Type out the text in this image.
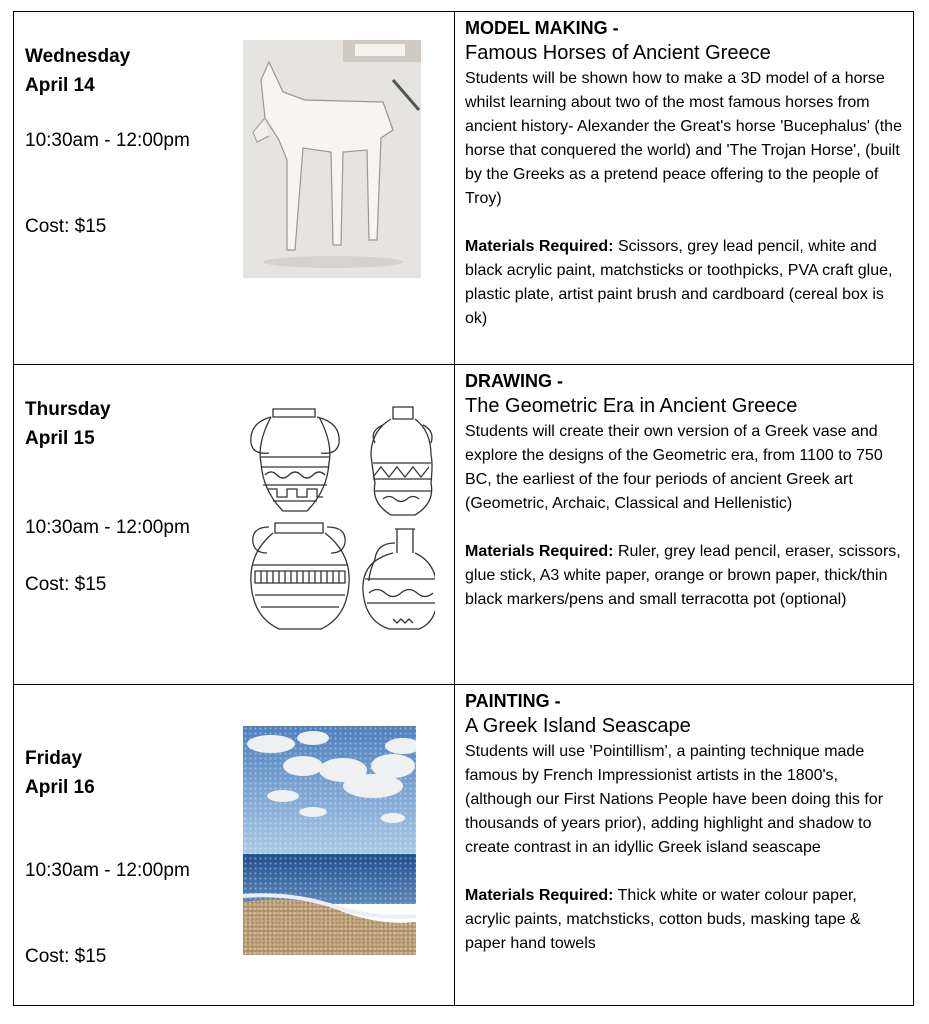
Wednesday
April 14
10:30am - 12:00pm
Cost: $15
MODEL MAKING -
Famous Horses of Ancient Greece
Students will be shown how to make a 3D model of a horse whilst learning about two of the most famous horses from ancient history- Alexander the Great's horse 'Bucephalus' (the horse that conquered the world) and 'The Trojan Horse', (built by the Greeks as a pretend peace offering to the people of Troy)
Materials Required: Scissors, grey lead pencil, white and black acrylic paint, matchsticks or toothpicks, PVA craft glue, plastic plate, artist paint brush and cardboard (cereal box is ok)
Thursday
April 15
10:30am - 12:00pm
Cost: $15
DRAWING -
The Geometric Era in Ancient Greece
Students will create their own version of a Greek vase and explore the designs of the Geometric era, from 1100 to 750 BC, the earliest of the four periods of ancient Greek art (Geometric, Archaic, Classical and Hellenistic)
Materials Required: Ruler, grey lead pencil, eraser, scissors, glue stick, A3 white paper, orange or brown paper, thick/thin black markers/pens and small terracotta pot (optional)
Friday
April 16
10:30am - 12:00pm
Cost: $15
PAINTING -
A Greek Island Seascape
Students will use 'Pointillism', a painting technique made famous by French Impressionist artists in the 1800's, (although our First Nations People have been doing this for thousands of years prior), adding highlight and shadow to create contrast in an idyllic Greek island seascape
Materials Required: Thick white or water colour paper, acrylic paints, matchsticks, cotton buds, masking tape & paper hand towels
